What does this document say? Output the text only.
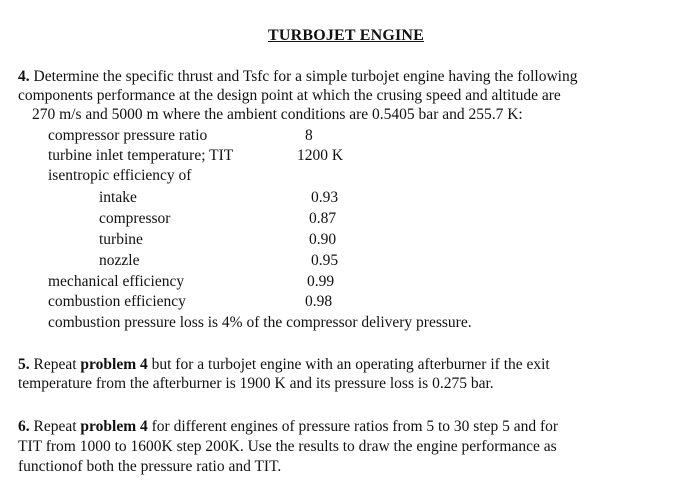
TURBOJET ENGINE
4. Determine the specific thrust and Tsfc for a simple turbojet engine having the following
components performance at the design point at which the crusing speed and altitude are
270 m/s and 5000 m where the ambient conditions are 0.5405 bar and 255.7 K:
compressor pressure ratio	8
turbine inlet temperature; TIT	1200 K
isentropic efficiency of
intake	0.93
compressor	0.87
turbine	0.90
nozzle	0.95
mechanical efficiency	0.99
combustion efficiency	0.98
combustion pressure loss is 4% of the compressor delivery pressure.
5. Repeat problem 4 but for a turbojet engine with an operating afterburner if the exit
temperature from the afterburner is 1900 K and its pressure loss is 0.275 bar.
6. Repeat problem 4 for different engines of pressure ratios from 5 to 30 step 5 and for
TIT from 1000 to 1600K step 200K. Use the results to draw the engine performance as
functionof both the pressure ratio and TIT.
